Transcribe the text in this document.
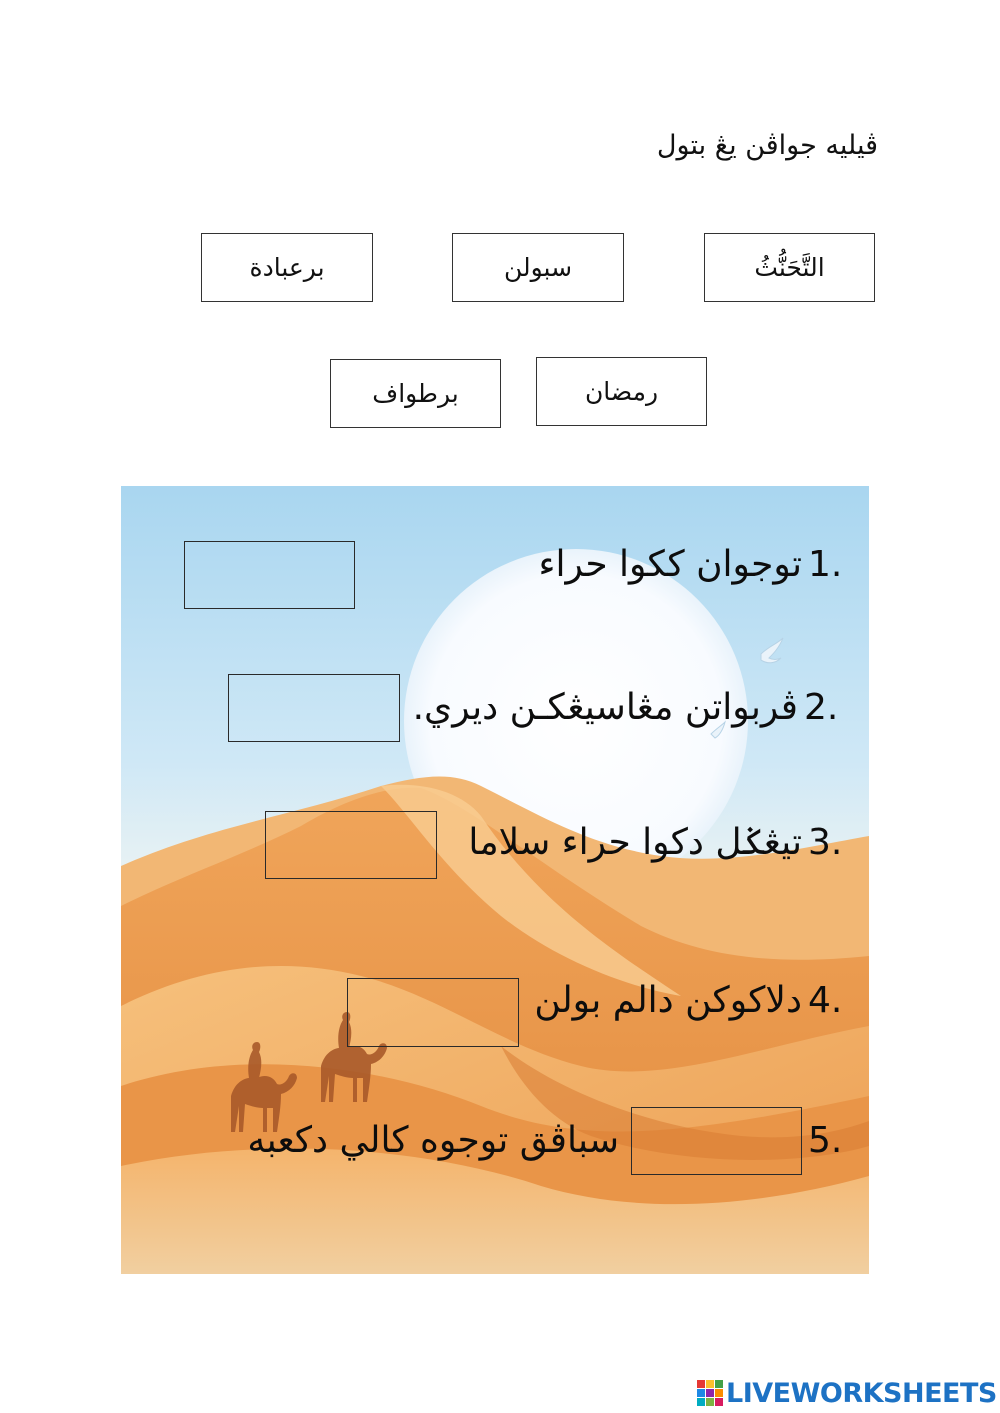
ڤيليه جواڤن يڠ بتول
التَّحَنُّثُ
سبولن
برعبادة
رمضان
برطواف
1.
توجوان ككوا حراء
2.
ڤربواتن مڠاسيڠكـن ديري.
3.
تيڠݢل دكوا حراء سلاما
4.
دلاكوكن دالم بولن
5.
سباڤق توجوه كالي دكعبه
LIVEWORKSHEETS
